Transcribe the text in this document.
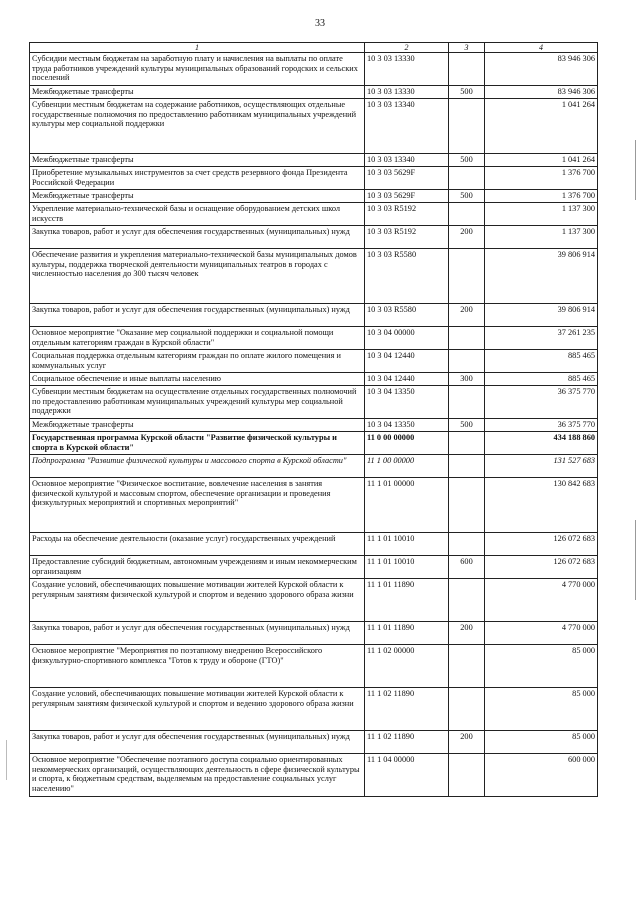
33
1	2	3	4
Субсидии местным бюджетам на заработную плату и начисления на выплаты по оплате труда работников учреждений культуры муниципальных образований городских и сельских поселений	10 3 03 13330		83 946 306
Межбюджетные трансферты	10 3 03 13330	500	83 946 306
Субвенции местным бюджетам на содержание работников, осуществляющих отдельные государственные полномочия по предоставлению работникам муниципальных учреждений культуры мер социальной поддержки	10 3 03 13340		1 041 264
Межбюджетные трансферты	10 3 03 13340	500	1 041 264
Приобретение музыкальных инструментов за счет средств резервного фонда Президента Российской Федерации	10 3 03 5629F		1 376 700
Межбюджетные трансферты	10 3 03 5629F	500	1 376 700
Укрепление материально-технической базы и оснащение оборудованием детских школ искусств	10 3 03 R5192		1 137 300
Закупка товаров, работ и услуг для обеспечения государственных (муниципальных) нужд	10 3 03 R5192	200	1 137 300
Обеспечение развития и укрепления материально-технической базы муниципальных домов культуры, поддержка творческой деятельности муниципальных театров в городах с численностью населения до 300 тысяч человек	10 3 03 R5580		39 806 914
Закупка товаров, работ и услуг для обеспечения государственных (муниципальных) нужд	10 3 03 R5580	200	39 806 914
Основное мероприятие "Оказание мер социальной поддержки и социальной помощи отдельным категориям граждан в Курской области"	10 3 04 00000		37 261 235
Социальная поддержка отдельным категориям граждан по оплате жилого помещения и коммунальных услуг	10 3 04 12440		885 465
Социальное обеспечение и иные выплаты населению	10 3 04 12440	300	885 465
Субвенции местным бюджетам на осуществление отдельных государственных полномочий по предоставлению работникам муниципальных учреждений культуры мер социальной поддержки	10 3 04 13350		36 375 770
Межбюджетные трансферты	10 3 04 13350	500	36 375 770
Государственная программа Курской области "Развитие физической культуры и спорта в Курской области"	11 0 00 00000		434 188 860
Подпрограмма "Развитие физической культуры и массового спорта в Курской области"	11 1 00 00000		131 527 683
Основное мероприятие "Физическое воспитание, вовлечение населения в занятия физической культурой и массовым спортом, обеспечение организации и проведения физкультурных мероприятий и спортивных мероприятий"	11 1 01 00000		130 842 683
Расходы на обеспечение деятельности (оказание услуг) государственных учреждений	11 1 01 10010		126 072 683
Предоставление субсидий бюджетным, автономным учреждениям и иным некоммерческим организациям	11 1 01 10010	600	126 072 683
Создание условий, обеспечивающих повышение мотивации жителей Курской области к регулярным занятиям физической культурой и спортом и ведению здорового образа жизни	11 1 01 11890		4 770 000
Закупка товаров, работ и услуг для обеспечения государственных (муниципальных) нужд	11 1 01 11890	200	4 770 000
Основное мероприятие "Мероприятия по поэтапному внедрению Всероссийского физкультурно-спортивного комплекса "Готов к труду и обороне (ГТО)"	11 1 02 00000		85 000
Создание условий, обеспечивающих повышение мотивации жителей Курской области к регулярным занятиям физической культурой и спортом и ведению здорового образа жизни	11 1 02 11890		85 000
Закупка товаров, работ и услуг для обеспечения государственных (муниципальных) нужд	11 1 02 11890	200	85 000
Основное мероприятие "Обеспечение поэтапного доступа социально ориентированных некоммерческих организаций, осуществляющих деятельность в сфере физической культуры и спорта, к бюджетным средствам, выделяемым на предоставление социальных услуг населению"	11 1 04 00000		600 000
